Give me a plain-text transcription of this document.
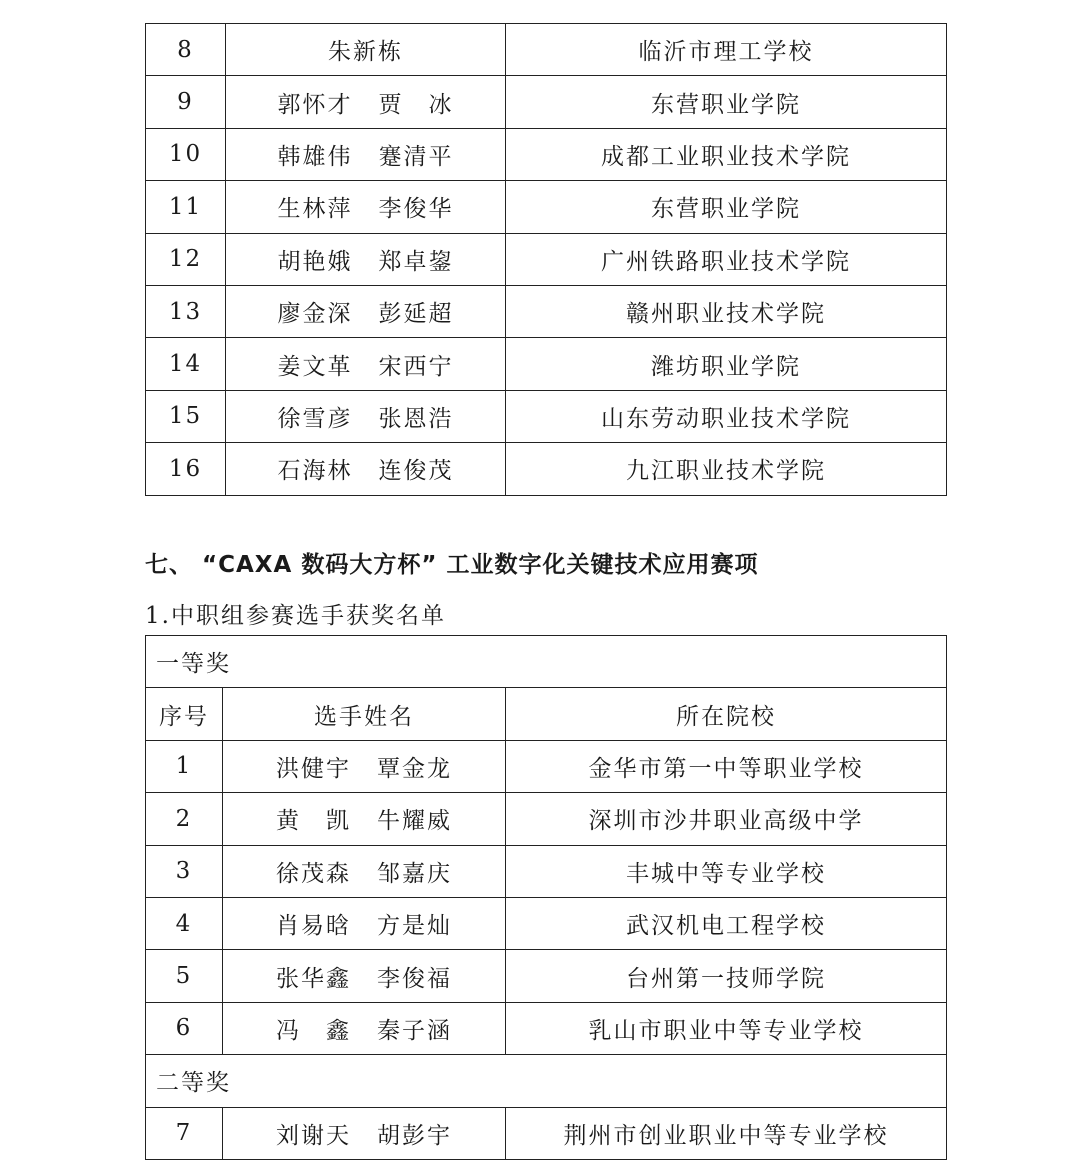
8	朱新栋	临沂市理工学校
9	郭怀才 贾　冰	东营职业学院
10	韩雄伟 蹇清平	成都工业职业技术学院
11	生林萍 李俊华	东营职业学院
12	胡艳娥 郑卓鋆	广州铁路职业技术学院
13	廖金深 彭延超	赣州职业技术学院
14	姜文革 宋西宁	潍坊职业学院
15	徐雪彦 张恩浩	山东劳动职业技术学院
16	石海林 连俊茂	九江职业技术学院
七、 “CAXA 数码大方杯” 工业数字化关键技术应用赛项
1.中职组参赛选手获奖名单
一等奖		
序号	选手姓名	所在院校
1	洪健宇 覃金龙	金华市第一中等职业学校
2	黄　凯 牛耀威	深圳市沙井职业高级中学
3	徐茂森 邹嘉庆	丰城中等专业学校
4	肖易晗 方是灿	武汉机电工程学校
5	张华鑫 李俊福	台州第一技师学院
6	冯　鑫 秦子涵	乳山市职业中等专业学校
二等奖		
7	刘谢天 胡彭宇	荆州市创业职业中等专业学校
